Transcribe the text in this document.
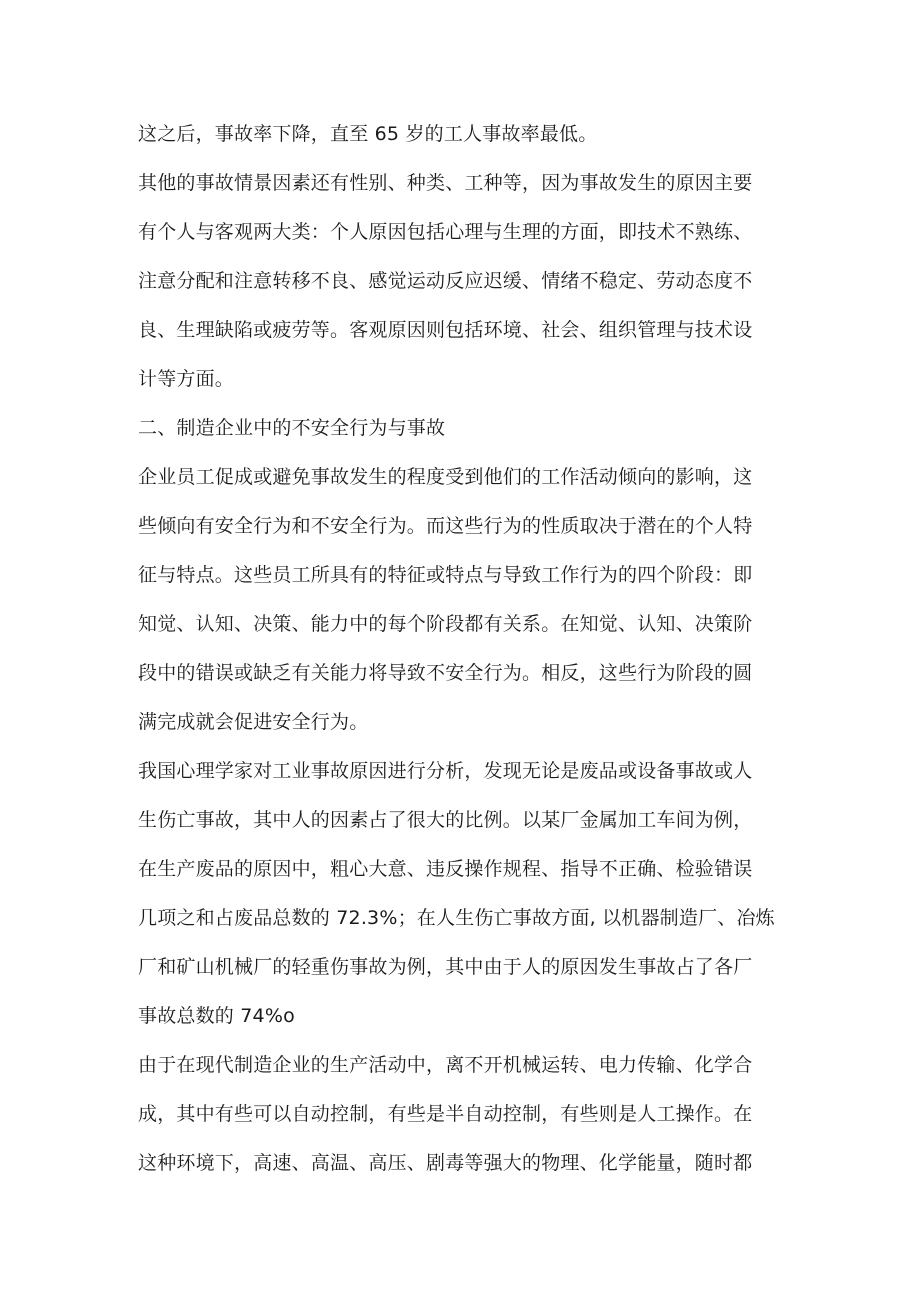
这之后，事故率下降，直至 65 岁的工人事故率最低。
其他的事故情景因素还有性别、种类、工种等，因为事故发生的原因主要
有个人与客观两大类：个人原因包括心理与生理的方面，即技术不熟练、
注意分配和注意转移不良、感觉运动反应迟缓、情绪不稳定、劳动态度不
良、生理缺陷或疲劳等。客观原因则包括环境、社会、组织管理与技术设
计等方面。
二、制造企业中的不安全行为与事故
企业员工促成或避免事故发生的程度受到他们的工作活动倾向的影响，这
些倾向有安全行为和不安全行为。而这些行为的性质取决于潜在的个人特
征与特点。这些员工所具有的特征或特点与导致工作行为的四个阶段：即
知觉、认知、决策、能力中的每个阶段都有关系。在知觉、认知、决策阶
段中的错误或缺乏有关能力将导致不安全行为。相反，这些行为阶段的圆
满完成就会促进安全行为。
我国心理学家对工业事故原因进行分析，发现无论是废品或设备事故或人
生伤亡事故，其中人的因素占了很大的比例。以某厂金属加工车间为例，
在生产废品的原因中，粗心大意、违反操作规程、指导不正确、检验错误
几项之和占废品总数的 72.3%；在人生伤亡事故方面, 以机器制造厂、冶炼
厂和矿山机械厂的轻重伤事故为例，其中由于人的原因发生事故占了各厂
事故总数的 74%o
由于在现代制造企业的生产活动中，离不开机械运转、电力传输、化学合
成，其中有些可以自动控制，有些是半自动控制，有些则是人工操作。在
这种环境下，高速、高温、高压、剧毒等强大的物理、化学能量，随时都
